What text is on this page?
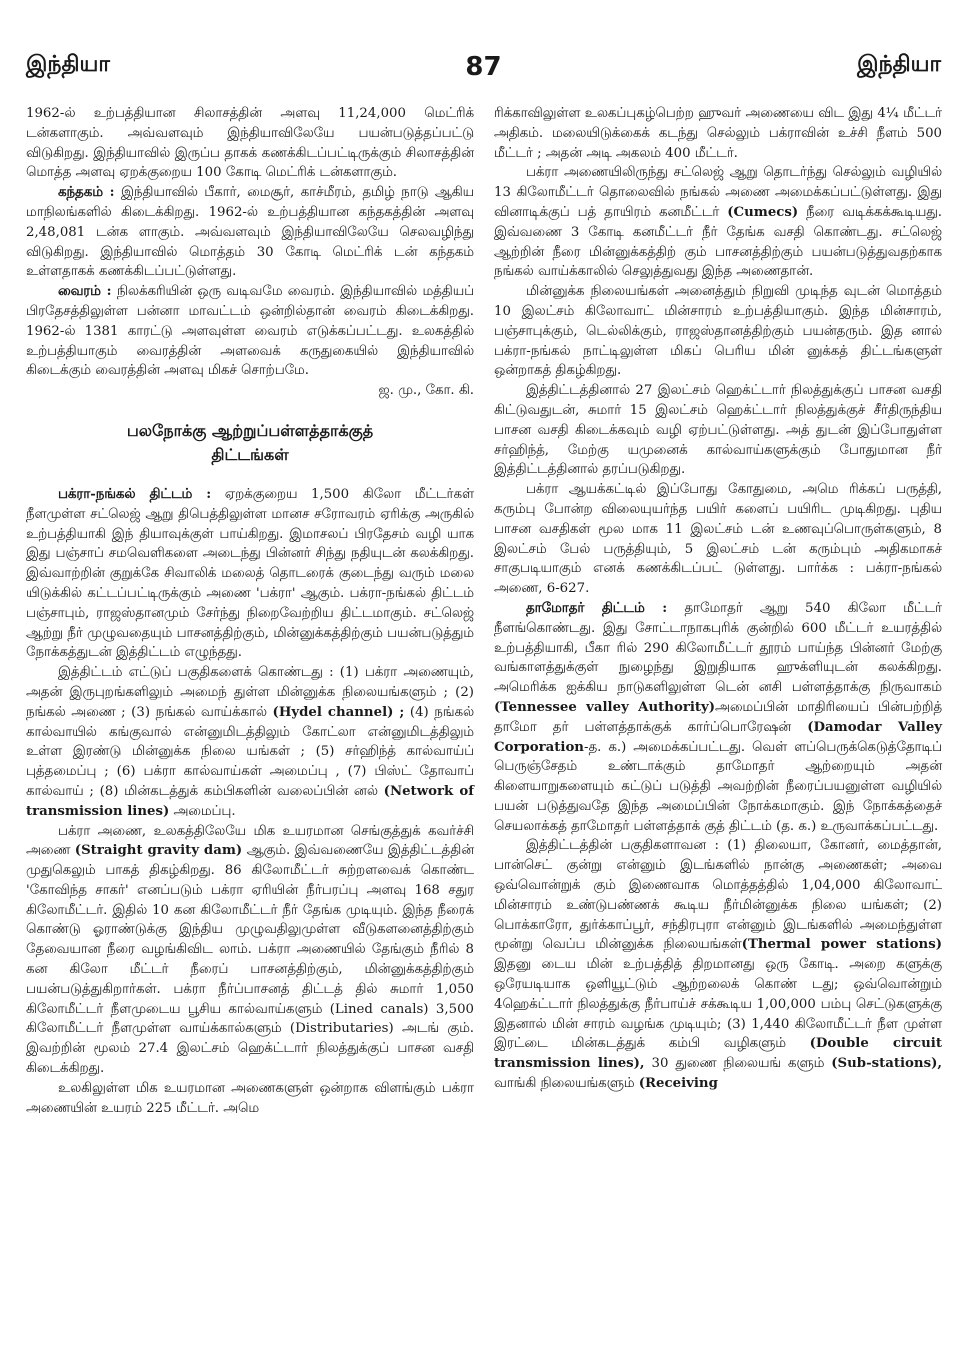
இந்தியா	87	இந்தியா

1962-ல் உற்பத்தியான சிலாசத்தின் அளவு 11,24,000 மெட்ரிக் டன்களாகும். அவ்வளவும் இந்தியாவிலேயே பயன்படுத்தப்பட்டு விடுகிறது. இந்தியாவில் இருப்ப தாகக் கணக்கிடப்பட்டிருக்கும் சிலாசத்தின் மொத்த அளவு ஏறக்குறைய 100 கோடி மெட்ரிக் டன்களாகும்.

கந்தகம் : இந்தியாவில் பீகார், மைசூர், காச்மீரம், தமிழ் நாடு ஆகிய மாநிலங்களில் கிடைக்கிறது. 1962-ல் உற்பத்தியான கந்தகத்தின் அளவு 2,48,081 டன்க ளாகும். அவ்வளவும் இந்தியாவிலேயே செலவழிந்து விடுகிறது. இந்தியாவில் மொத்தம் 30 கோடி மெட்ரிக் டன் கந்தகம் உள்ளதாகக் கணக்கிடப்பட்டுள்ளது.

வைரம் : நிலக்கரியின் ஒரு வடிவமே வைரம். இந்தியாவில் மத்தியப் பிரதேசத்திலுள்ள பன்னா மாவட்டம் ஒன்றில்தான் வைரம் கிடைக்கிறது. 1962-ல் 1381 காரட்டு அளவுள்ள வைரம் எடுக்கப்பட்டது. உலகத்தில் உற்பத்தியாகும் வைரத்தின் அளவைக் கருதுகையில் இந்தியாவில் கிடைக்கும் வைரத்தின் அளவு மிகச் சொற்பமே.

ஜ. மு., கோ. கி.
பலநோக்கு ஆற்றுப்பள்ளத்தாக்குத்
திட்டங்கள்

பக்ரா-நங்கல் திட்டம் : ஏறக்குறைய 1,500 கிலோ மீட்டர்கள் நீளமுள்ள சட்லெஜ் ஆறு திபெத்திலுள்ள மானச சரோவரம் ஏரிக்கு அருகில் உற்பத்தியாகி இந் தியாவுக்குள் பாய்கிறது. இமாசலப் பிரதேசம் வழி யாக இது பஞ்சாப் சமவெளிகளை அடைந்து பின்னர் சிந்து நதியுடன் கலக்கிறது. இவ்வாற்றின் குறுக்கே சிவாலிக் மலைத் தொடரைக் குடைந்து வரும் மலை யிடுக்கில் கட்டப்பட்டிருக்கும் அணை 'பக்ரா' ஆகும். பக்ரா-நங்கல் திட்டம் பஞ்சாபும், ராஜஸ்தானமும் சேர்ந்து நிறைவேற்றிய திட்டமாகும். சட்லெஜ் ஆற்று நீர் முழுவதையும் பாசனத்திற்கும், மின்னுக்கத்திற்கும் பயன்படுத்தும் நோக்கத்துடன் இத்திட்டம் எழுந்தது.

இத்திட்டம் எட்டுப் பகுதிகளைக் கொண்டது : (1) பக்ரா அணையும், அதன் இருபுறங்களிலும் அமைந் துள்ள மின்னுக்க நிலையங்களும் ; (2) நங்கல் அணை ; (3) நங்கல் வாய்க்கால் (Hydel channel) ; (4) நங்கல் கால்வாயில் கங்குவால் என்னுமிடத்திலும் கோட்லா என்னுமிடத்திலும் உள்ள இரண்டு மின்னுக்க நிலை யங்கள் ; (5) சர்ஹிந்த் கால்வாய்ப் புத்தமைப்பு ; (6) பக்ரா கால்வாய்கள் அமைப்பு , (7) பிஸ்ட் தோவாப் கால்வாய் ; (8) மின்கடத்துக் கம்பிகளின் வலைப்பின் னல் (Network of transmission lines) அமைப்பு.

பக்ரா அணை, உலகத்திலேயே மிக உயரமான செங்குத்துக் கவர்ச்சி அணை (Straight gravity dam) ஆகும். இவ்வணையே இத்திட்டத்தின் முதுகெலும் பாகத் திகழ்கிறது. 86 கிலோமீட்டர் சுற்றளவைக் கொண்ட 'கோவிந்த சாகர்' எனப்படும் பக்ரா ஏரியின் நீர்பரப்பு அளவு 168 சதுர கிலோமீட்டர். இதில் 10 கன கிலோமீட்டர் நீர் தேங்க முடியும். இந்த நீரைக் கொண்டு ஓராண்டுக்கு இந்திய முழுவதிலுமுள்ள வீடுகளனைத்திற்கும் தேவையான நீரை வழங்கிவிட லாம். பக்ரா அணையில் தேங்கும் நீரில் 8 கன கிலோ மீட்டர் நீரைப் பாசனத்திற்கும், மின்னுக்கத்திற்கும் பயன்படுத்துகிறார்கள். பக்ரா நீர்ப்பாசனத் திட்டத் தில் சுமார் 1,050 கிலோமீட்டர் நீளமுடைய பூசிய கால்வாய்களும் (Lined canals) 3,500 கிலோமீட்டர் நீளமுள்ள வாய்க்கால்களும் (Distributaries) அடங் கும். இவற்றின் மூலம் 27.4 இலட்சம் ஹெக்ட்டார் நிலத்துக்குப் பாசன வசதி கிடைக்கிறது.

உலகிலுள்ள மிக உயரமான அணைகளுள் ஒன்றாக விளங்கும் பக்ரா அணையின் உயரம் 225 மீட்டர். அமெ

ரிக்காவிலுள்ள உலகப்புகழ்பெற்ற ஹுவர் அணையை விட இது 4¼ மீட்டர் அதிகம். மலையிடுக்கைக் கடந்து செல்லும் பக்ராவின் உச்சி நீளம் 500 மீட்டர் ; அதன் அடி அகலம் 400 மீட்டர்.

பக்ரா அணையிலிருந்து சட்லெஜ் ஆறு தொடர்ந்து செல்லும் வழியில் 13 கிலோமீட்டர் தொலைவில் நங்கல் அணை அமைக்கப்பட்டுள்ளது. இது வினாடிக்குப் பத் தாயிரம் கனமீட்டர் (Cumecs) நீரை வடிக்கக்கூடியது. இவ்வணை 3 கோடி கனமீட்டர் நீர் தேங்க வசதி கொண்டது. சட்லெஜ் ஆற்றின் நீரை மின்னுக்கத்திற் கும் பாசனத்திற்கும் பயன்படுத்துவதற்காக நங்கல் வாய்க்காலில் செலுத்துவது இந்த அணைதான்.

மின்னுக்க நிலையங்கள் அனைத்தும் நிறுவி முடிந்த வுடன் மொத்தம் 10 இலட்சம் கிலோவாட் மின்சாரம் உற்பத்தியாகும். இந்த மின்சாரம், பஞ்சாபுக்கும், டெல்லிக்கும், ராஜஸ்தானத்திற்கும் பயன்தரும். இத னால் பக்ரா-நங்கல் நாட்டிலுள்ள மிகப் பெரிய மின் னுக்கத் திட்டங்களுள் ஒன்றாகத் திகழ்கிறது.

இத்திட்டத்தினால் 27 இலட்சம் ஹெக்ட்டார் நிலத்துக்குப் பாசன வசதி கிட்டுவதுடன், சுமார் 15 இலட்சம் ஹெக்ட்டார் நிலத்துக்குச் சீர்திருந்திய பாசன வசதி கிடைக்கவும் வழி ஏற்பட்டுள்ளது. அத் துடன் இப்போதுள்ள சர்ஹிந்த், மேற்கு யமுனைக் கால்வாய்களுக்கும் போதுமான நீர் இத்திட்டத்தினால் தரப்படுகிறது.

பக்ரா ஆயக்கட்டில் இப்போது கோதுமை, அமெ ரிக்கப் பருத்தி, கரும்பு போன்ற விலையுயர்ந்த பயிர் களைப் பயிரிட முடிகிறது. புதிய பாசன வசதிகள் மூல மாக 11 இலட்சம் டன் உணவுப்பொருள்களும், 8 இலட்சம் பேல் பருத்தியும், 5 இலட்சம் டன் கரும்பும் அதிகமாகச் சாகுபடியாகும் எனக் கணக்கிடப்பட் டுள்ளது. பார்க்க : பக்ரா-நங்கல் அணை, 6-627.

தாமோதர் திட்டம் : தாமோதர் ஆறு 540 கிலோ மீட்டர் நீளங்கொண்டது. இது சோட்டாநாகபுரிக் குன்றில் 600 மீட்டர் உயரத்தில் உற்பத்தியாகி, பீகா ரில் 290 கிலோமீட்டர் தூரம் பாய்ந்த பின்னர் மேற்கு வங்காளத்துக்குள் நுழைந்து இறுதியாக ஹுக்ளியுடன் கலக்கிறது. அமெரிக்க ஐக்கிய நாடுகளிலுள்ள டென் னசி பள்ளத்தாக்கு நிருவாகம் (Tennessee valley Authority)அமைப்பின் மாதிரியைப் பின்பற்றித் தாமோ தர் பள்ளத்தாக்குக் கார்ப்பொரேஷன் (Damodar Valley Corporation-த. க.) அமைக்கப்பட்டது. வெள் ளப்பெருக்கெடுத்தோடிப் பெருஞ்சேதம் உண்டாக்கும் தாமோதர் ஆற்றையும் அதன் கிளையாறுகளையும் கட்டுப் படுத்தி அவற்றின் நீரைப்பயனுள்ள வழியில் பயன் படுத்துவதே இந்த அமைப்பின் நோக்கமாகும். இந் நோக்கத்தைச் செயலாக்கத் தாமோதர் பள்ளத்தாக் குத் திட்டம் (த. க.) உருவாக்கப்பட்டது.

இத்திட்டத்தின் பகுதிகளாவன : (1) திலையா, கோனர், மைத்தான், பான்செட் குன்று என்னும் இடங்களில் நான்கு அணைகள்; அவை ஒவ்வொன்றுக் கும் இணைவாக மொத்தத்தில் 1,04,000 கிலோவாட் மின்சாரம் உண்டுபண்ணக் கூடிய நீர்மின்னுக்க நிலை யங்கள்; (2) பொக்காரோ, துர்க்காப்பூர், சந்திரபுரா என்னும் இடங்களில் அமைந்துள்ள மூன்று வெப்ப மின்னுக்க நிலையங்கள்(Thermal power stations) இதனு டைய மின் உற்பத்தித் திறமானது ஒரு கோடி. அறை களுக்கு ஒரேயடியாக ஒளியூட்டும் ஆற்றலைக் கொண் டது; ஒவ்வொன்றும் 4ஹெக்ட்டார் நிலத்துக்கு நீர்பாய்ச் சக்கூடிய 1,00,000 பம்பு செட்டுகளுக்கு இதனால் மின் சாரம் வழங்க முடியும்; (3) 1,440 கிலோமீட்டர் நீள முள்ள இரட்டை மின்கடத்துக் கம்பி வழிகளும் (Double circuit transmission lines), 30 துணை நிலையங் களும் (Sub-stations), வாங்கி நிலையங்களும் (Receiving
